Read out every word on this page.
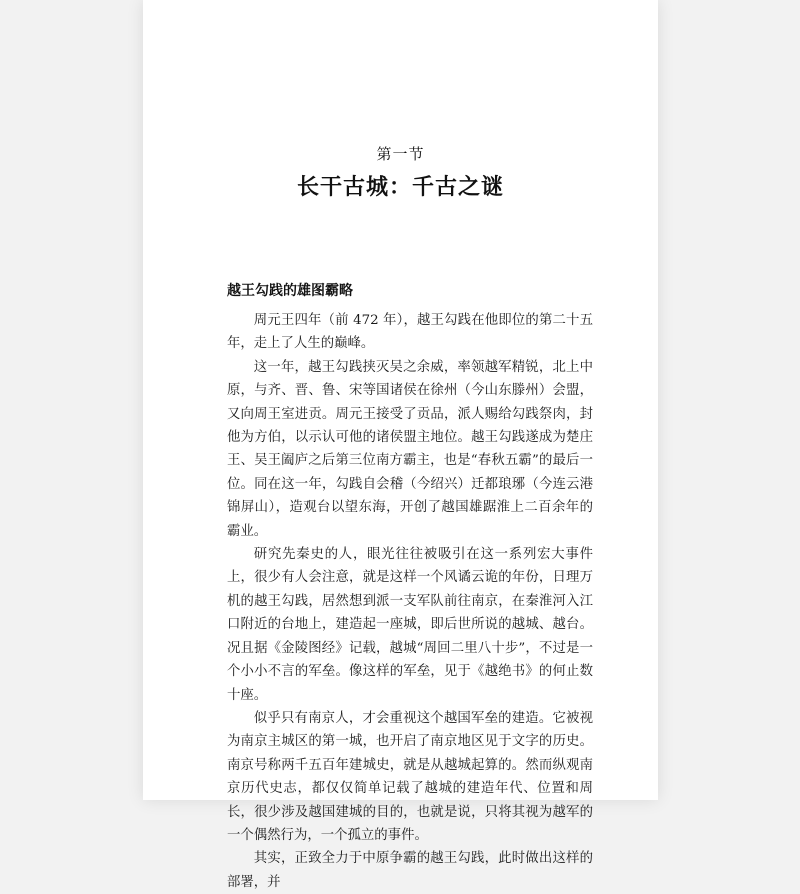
第一节
长干古城：千古之谜
越王勾践的雄图霸略

周元王四年（前 472 年），越王勾践在他即位的第二十五年，走上了人生的巅峰。

这一年，越王勾践挟灭吴之余威，率领越军精锐，北上中原，与齐、晋、鲁、宋等国诸侯在徐州（今山东滕州）会盟，又向周王室进贡。周元王接受了贡品，派人赐给勾践祭肉，封他为方伯，以示认可他的诸侯盟主地位。越王勾践遂成为楚庄王、吴王阖庐之后第三位南方霸主，也是“春秋五霸”的最后一位。同在这一年，勾践自会稽（今绍兴）迁都琅琊（今连云港锦屏山），造观台以望东海，开创了越国雄踞淮上二百余年的霸业。

研究先秦史的人，眼光往往被吸引在这一系列宏大事件上，很少有人会注意，就是这样一个风谲云诡的年份，日理万机的越王勾践，居然想到派一支军队前往南京，在秦淮河入江口附近的台地上，建造起一座城，即后世所说的越城、越台。况且据《金陵图经》记载，越城“周回二里八十步”，不过是一个小小不言的军垒。像这样的军垒，见于《越绝书》的何止数十座。

似乎只有南京人，才会重视这个越国军垒的建造。它被视为南京主城区的第一城，也开启了南京地区见于文字的历史。南京号称两千五百年建城史，就是从越城起算的。然而纵观南京历代史志，都仅仅简单记载了越城的建造年代、位置和周长，很少涉及越国建城的目的，也就是说，只将其视为越军的一个偶然行为，一个孤立的事件。

其实，正致全力于中原争霸的越王勾践，此时做出这样的部署，并
